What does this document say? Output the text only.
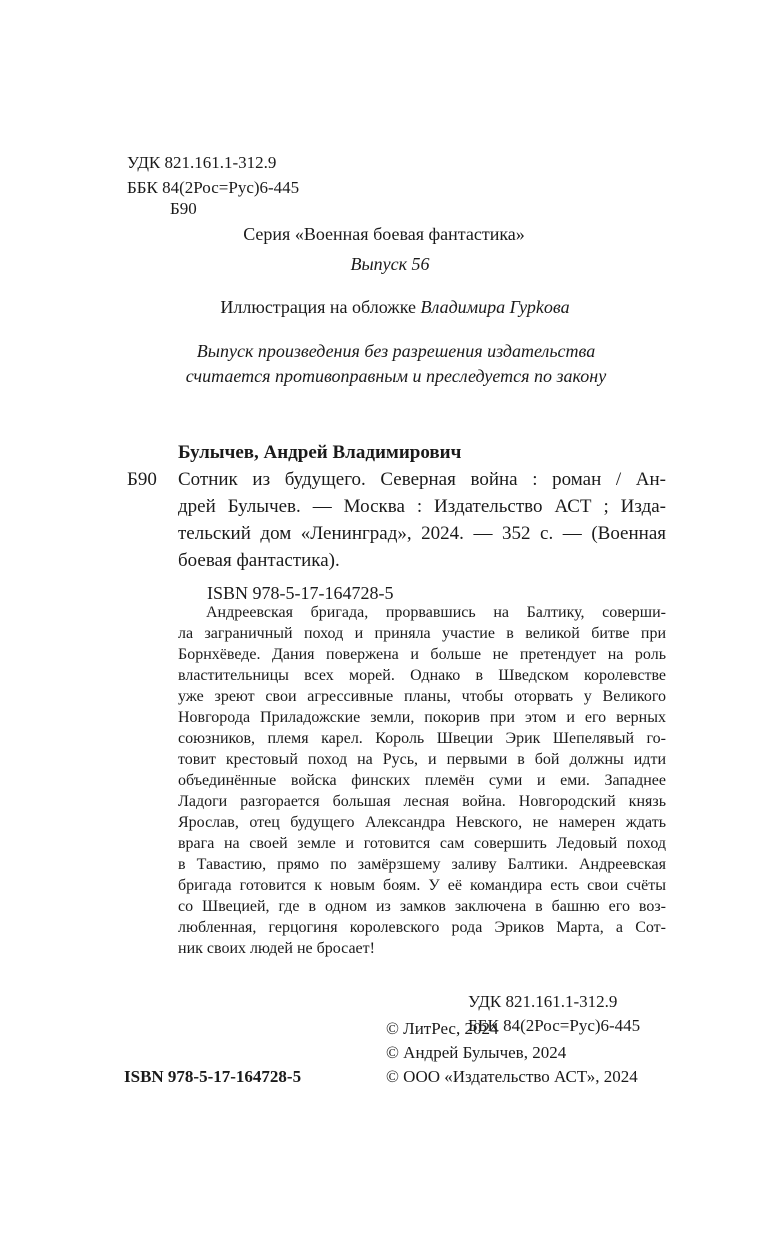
УДК 821.161.1-312.9
ББК 84(2Рос=Рус)6-445
Б90
Серия «Военная боевая фантастика»
Выпуск 56
Иллюстрация на обложке Владимира Гурkова
Выпуск произведения без разрешения издательства
считается противоправным и преследуется по закону
Булычев, Андрей Владимирович
Б90 Сотник из будущего. Северная война : роман / Ан-
дрей Булычев. — Москва : Издательство АСТ ; Изда-
тельский дом «Ленинград», 2024. — 352 с. — (Военная
боевая фантастика).
ISBN 978-5-17-164728-5
Андреевская бригада, прорвавшись на Балтику, соверши-
ла заграничный поход и приняла участие в великой битве при
Борнхёведе. Дания повержена и больше не претендует на роль
властительницы всех морей. Однако в Шведском королевстве
уже зреют свои агрессивные планы, чтобы оторвать у Великого
Новгорода Приладожские земли, покорив при этом и его верных
союзников, племя карел. Король Швеции Эрик Шепелявый го-
товит крестовый поход на Русь, и первыми в бой должны идти
объединённые войска финских племён суми и еми. Западнее
Ладоги разгорается большая лесная война. Новгородский князь
Ярослав, отец будущего Александра Невского, не намерен ждать
врага на своей земле и готовится сам совершить Ледовый поход
в Тавастию, прямо по замёрзшему заливу Балтики. Андреевская
бригада готовится к новым боям. У её командира есть свои счёты
со Швецией, где в одном из замков заключена в башню его воз-
любленная, герцогиня королевского рода Эриков Марта, а Сот-
ник своих людей не бросает!
УДК 821.161.1-312.9
ББК 84(2Рос=Рус)6-445
© ЛитРес, 2024
© Андрей Булычев, 2024
© ООО «Издательство АСТ», 2024
ISBN 978-5-17-164728-5
